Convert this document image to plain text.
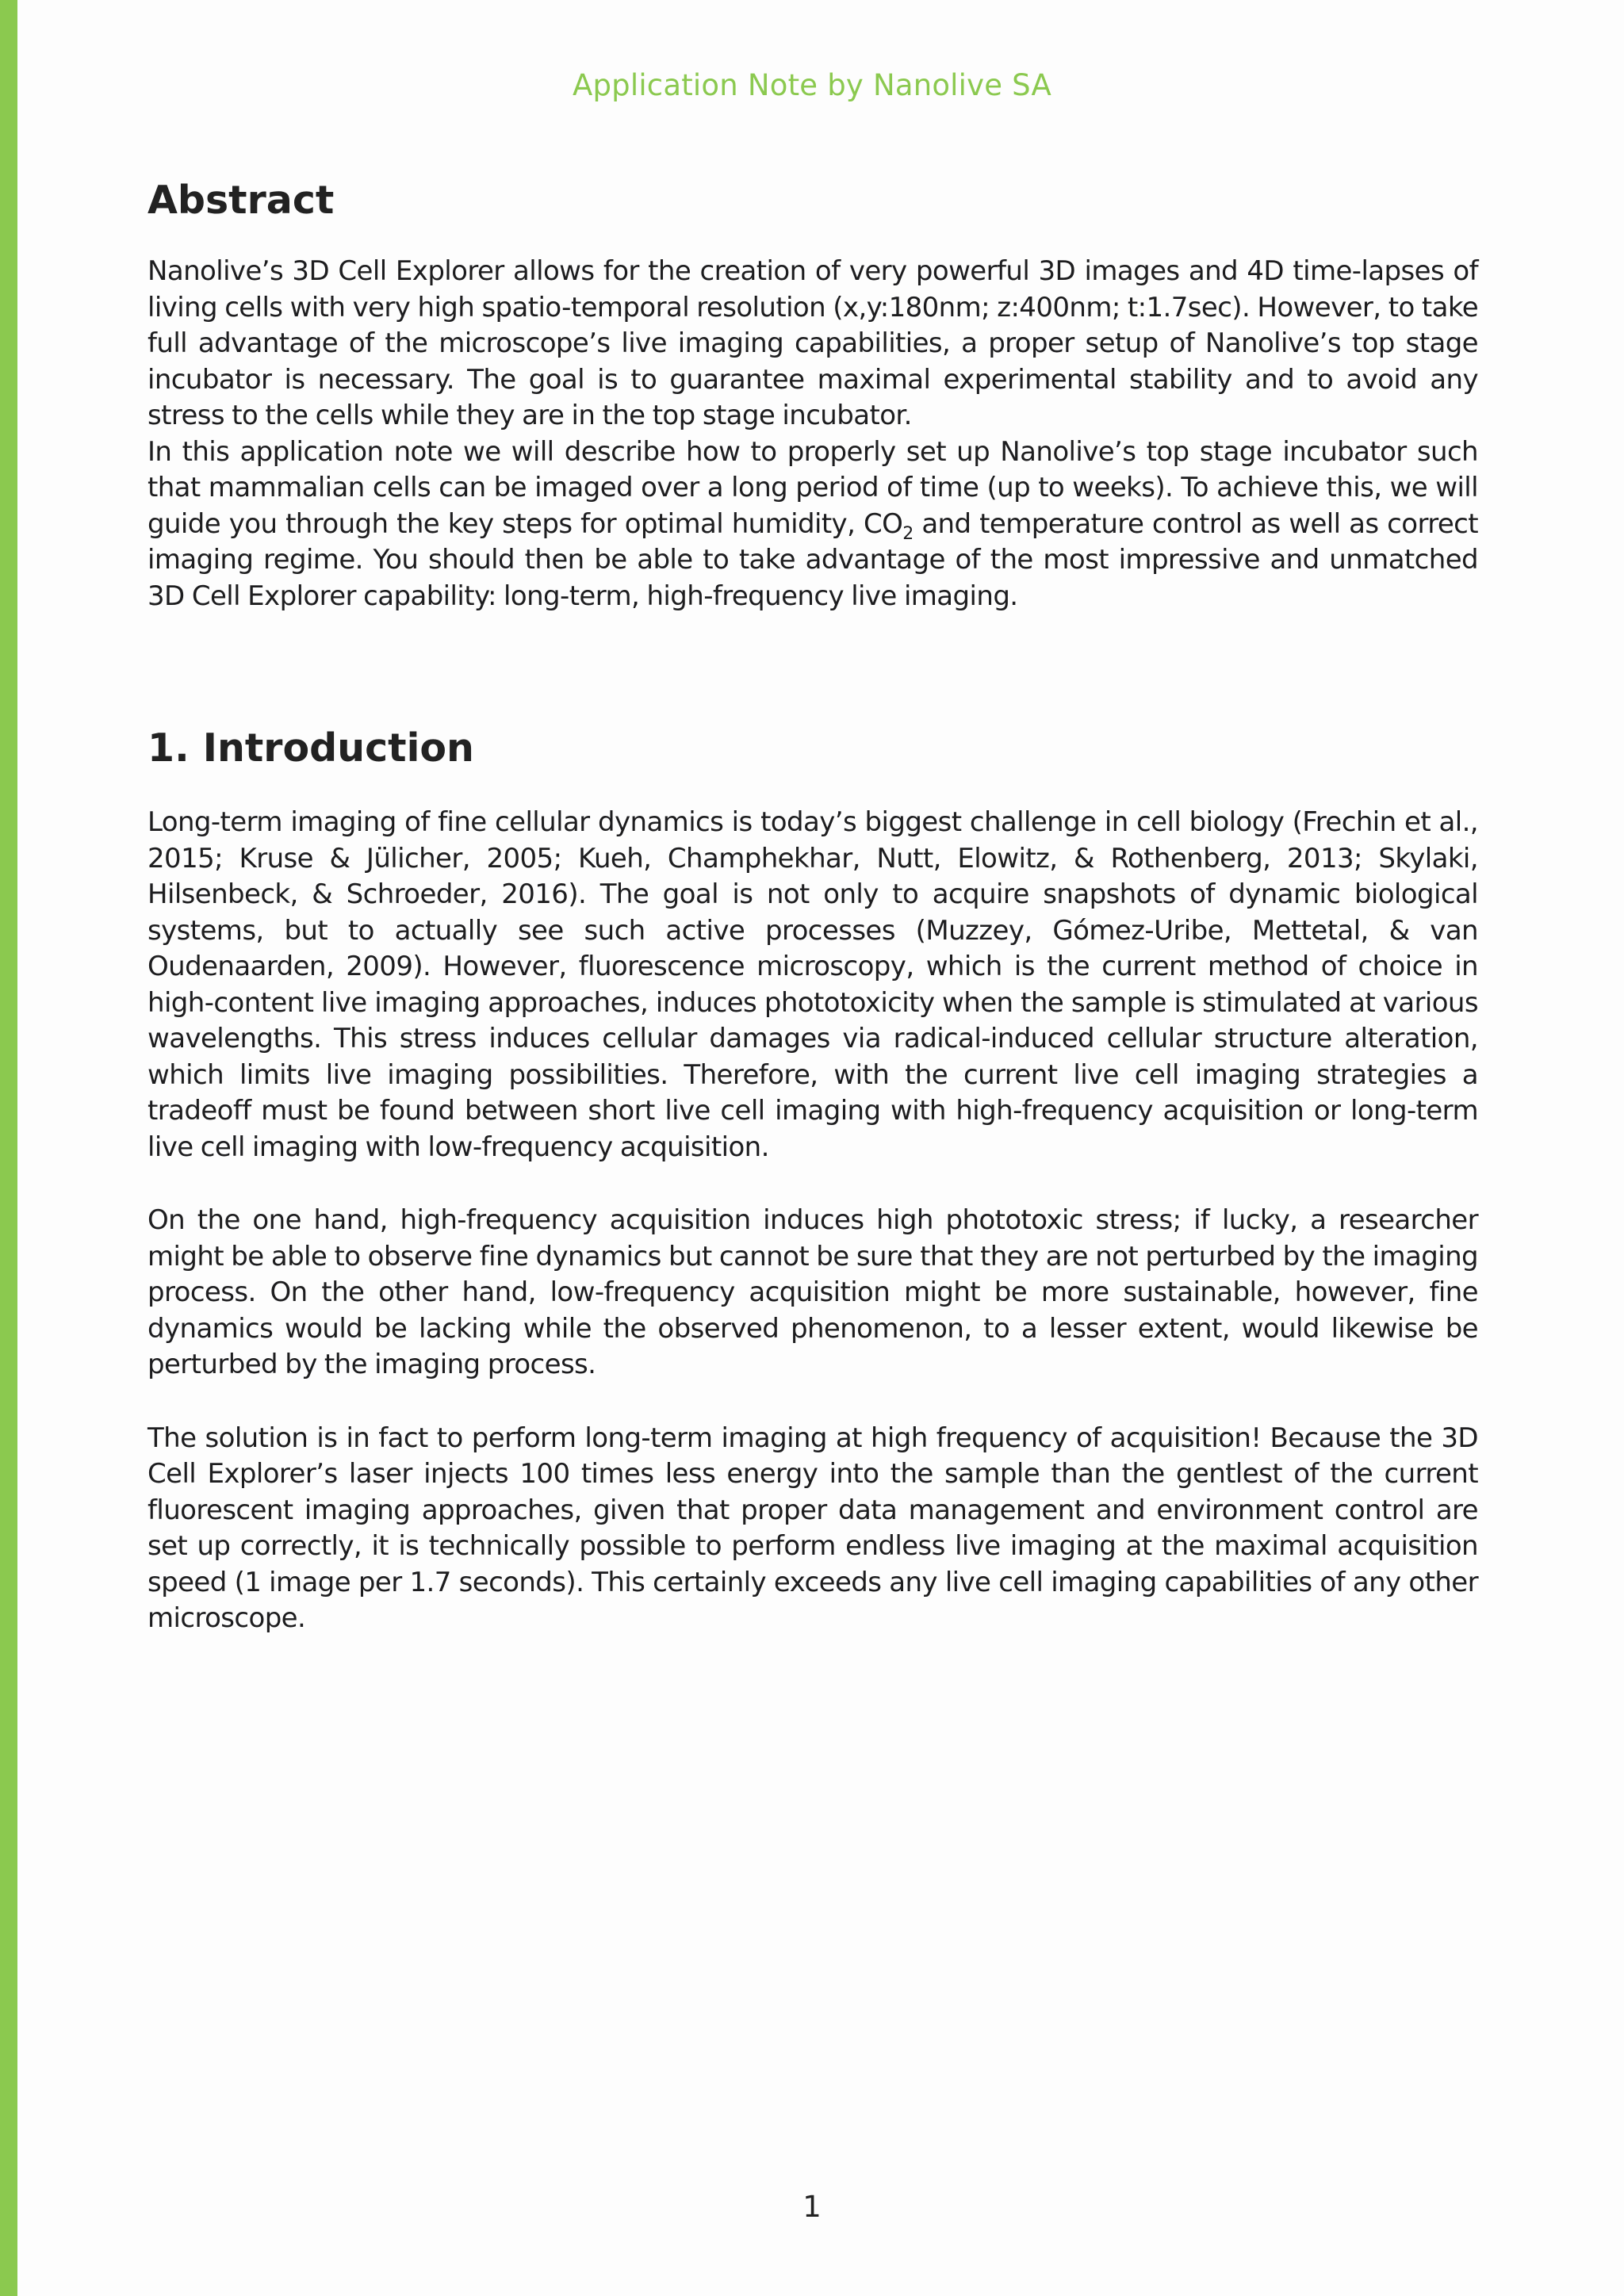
Application Note by Nanolive SA
Abstract

Nanolive’s 3D Cell Explorer allows for the creation of very powerful 3D images and 4D time-lapses of living cells with very high spatio-temporal resolution (x,y:180nm; z:400nm; t:1.7sec). However, to take full advantage of the microscope’s live imaging capabilities, a proper setup of Nanolive’s top stage incubator is necessary. The goal is to guarantee maximal experimental stability and to avoid any stress to the cells while they are in the top stage incubator.

In this application note we will describe how to properly set up Nanolive’s top stage incubator such that mammalian cells can be imaged over a long period of time (up to weeks). To achieve this, we will guide you through the key steps for optimal humidity, $CO_2$ and temperature control as well as correct imaging regime. You should then be able to take advantage of the most impressive and unmatched 3D Cell Explorer capability: long-term, high-frequency live imaging.

1. Introduction

Long-term imaging of fine cellular dynamics is today’s biggest challenge in cell biology (Frechin et al., 2015; Kruse & Jülicher, 2005; Kueh, Champhekhar, Nutt, Elowitz, & Rothenberg, 2013; Skylaki, Hilsenbeck, & Schroeder, 2016). The goal is not only to acquire snapshots of dynamic biological systems, but to actually see such active processes (Muzzey, Gómez-Uribe, Mettetal, & van Oudenaarden, 2009). However, fluorescence microscopy, which is the current method of choice in high-content live imaging approaches, induces phototoxicity when the sample is stimulated at various wavelengths. This stress induces cellular damages via radical-induced cellular structure alteration, which limits live imaging possibilities. Therefore, with the current live cell imaging strategies a tradeoff must be found between short live cell imaging with high-frequency acquisition or long-term live cell imaging with low-frequency acquisition.

On the one hand, high-frequency acquisition induces high phototoxic stress; if lucky, a researcher might be able to observe fine dynamics but cannot be sure that they are not perturbed by the imaging process. On the other hand, low-frequency acquisition might be more sustainable, however, fine dynamics would be lacking while the observed phenomenon, to a lesser extent, would likewise be perturbed by the imaging process.

The solution is in fact to perform long-term imaging at high frequency of acquisition! Because the 3D Cell Explorer’s laser injects 100 times less energy into the sample than the gentlest of the current fluorescent imaging approaches, given that proper data management and environment control are set up correctly, it is technically possible to perform endless live imaging at the maximal acquisition speed (1 image per 1.7 seconds). This certainly exceeds any live cell imaging capabilities of any other microscope.

1
